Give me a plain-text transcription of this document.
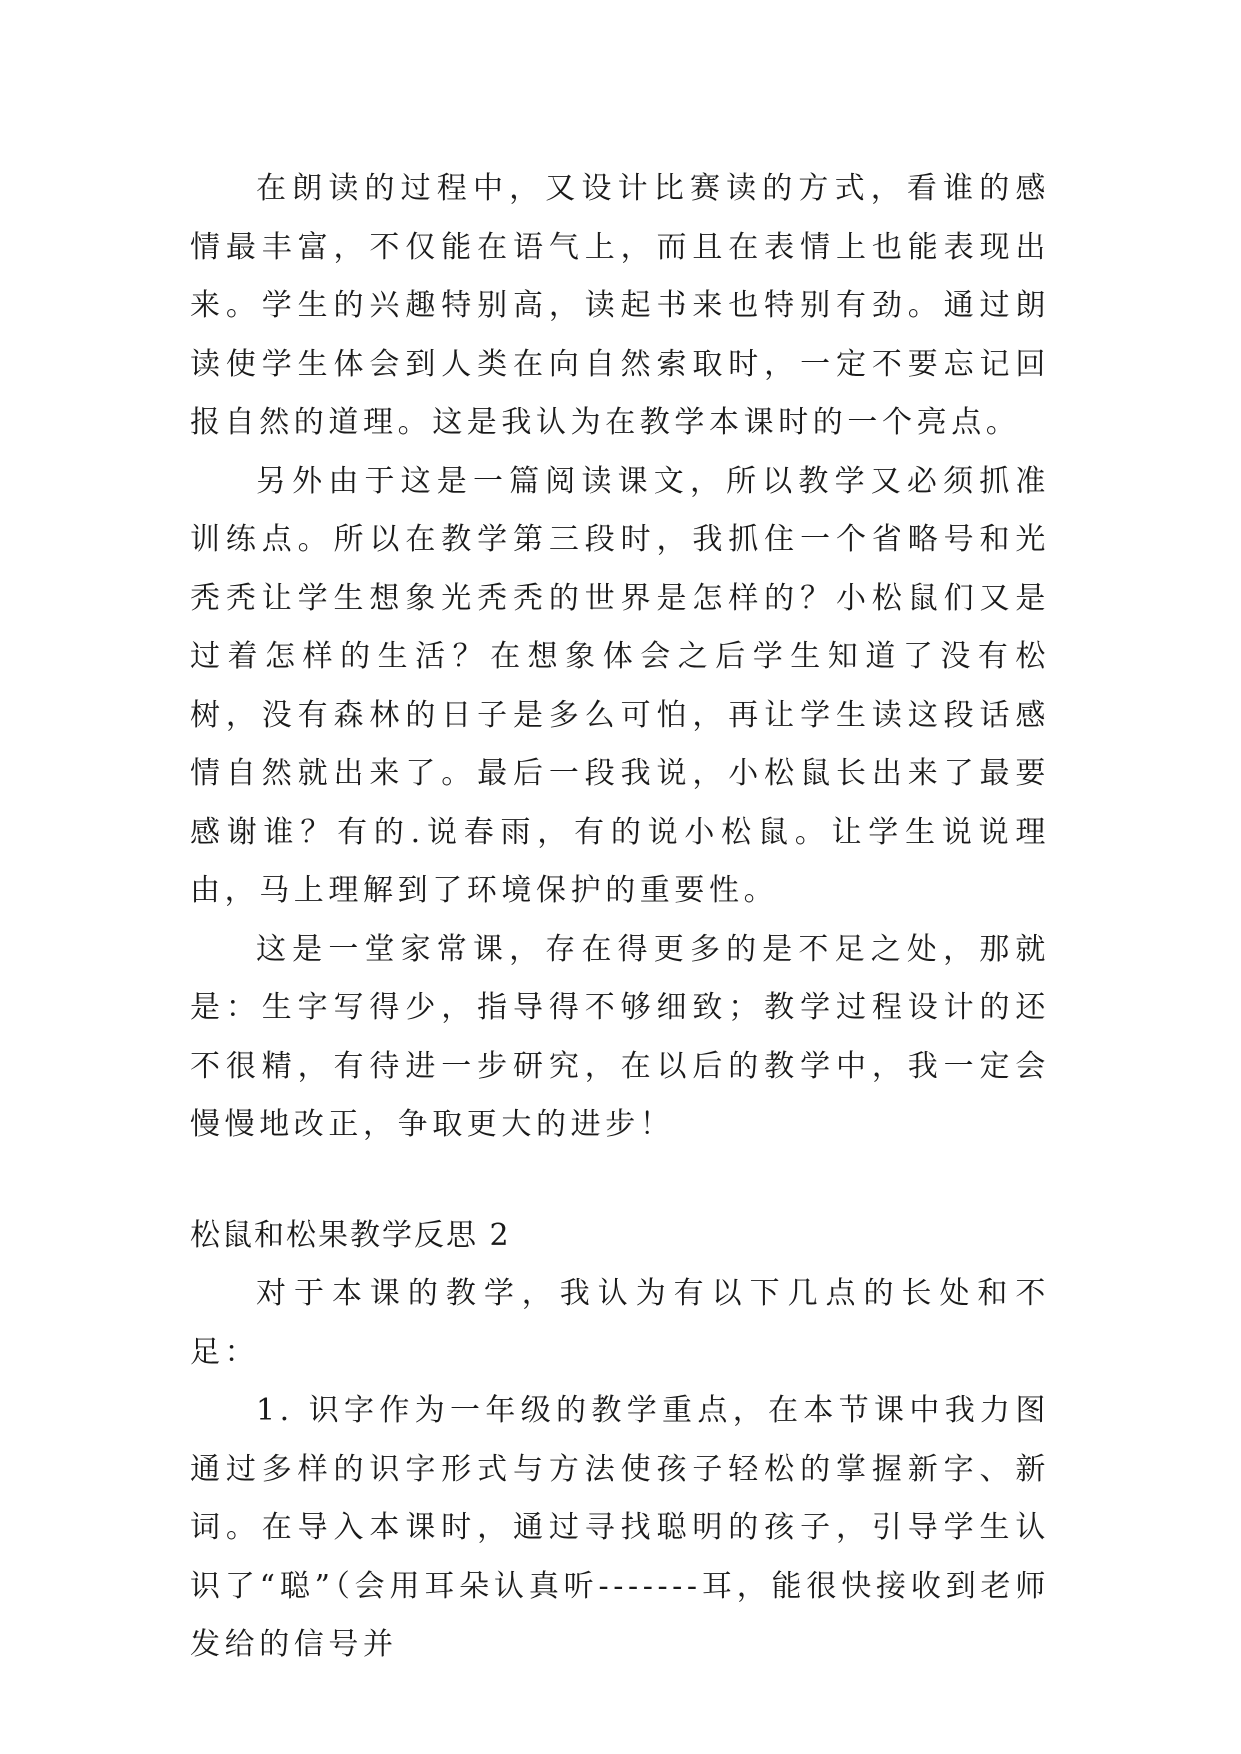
在朗读的过程中，又设计比赛读的方式，看谁的感情最丰富，不仅能在语气上，而且在表情上也能表现出来。学生的兴趣特别高，读起书来也特别有劲。通过朗读使学生体会到人类在向自然索取时，一定不要忘记回报自然的道理。这是我认为在教学本课时的一个亮点。

另外由于这是一篇阅读课文，所以教学又必须抓准训练点。所以在教学第三段时，我抓住一个省略号和光秃秃让学生想象光秃秃的世界是怎样的？小松鼠们又是过着怎样的生活？在想象体会之后学生知道了没有松树，没有森林的日子是多么可怕，再让学生读这段话感情自然就出来了。最后一段我说，小松鼠长出来了最要感谢谁？有的.说春雨，有的说小松鼠。让学生说说理由，马上理解到了环境保护的重要性。

这是一堂家常课，存在得更多的是不足之处，那就是：生字写得少，指导得不够细致；教学过程设计的还不很精，有待进一步研究，在以后的教学中，我一定会慢慢地改正，争取更大的进步！

松鼠和松果教学反思 2

对于本课的教学，我认为有以下几点的长处和不足：

1. 识字作为一年级的教学重点，在本节课中我力图通过多样的识字形式与方法使孩子轻松的掌握新字、新词。在导入本课时，通过寻找聪明的孩子，引导学生认识了“聪”（会用耳朵认真听-------耳，能很快接收到老师发给的信号并
